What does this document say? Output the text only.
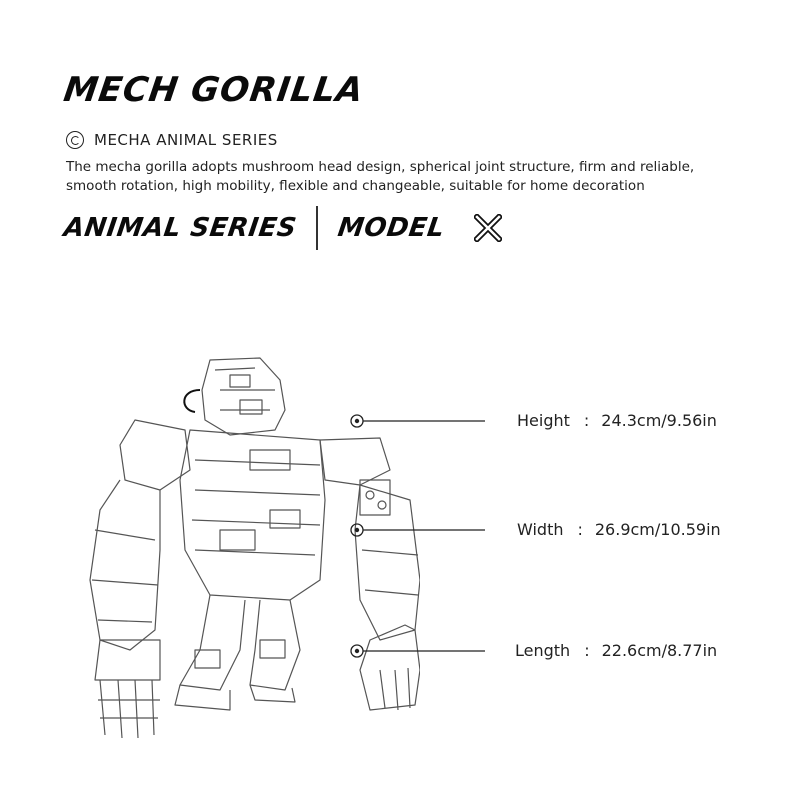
MECH GORILLA
MECHA ANIMAL SERIES
The mecha gorilla adopts mushroom head design, spherical joint structure, firm and reliable, smooth rotation, high mobility, flexible and changeable, suitable for home decoration
ANIMAL SERIES MODEL
Height : 24.3cm/9.56in
Width : 26.9cm/10.59in
Length : 22.6cm/8.77in
